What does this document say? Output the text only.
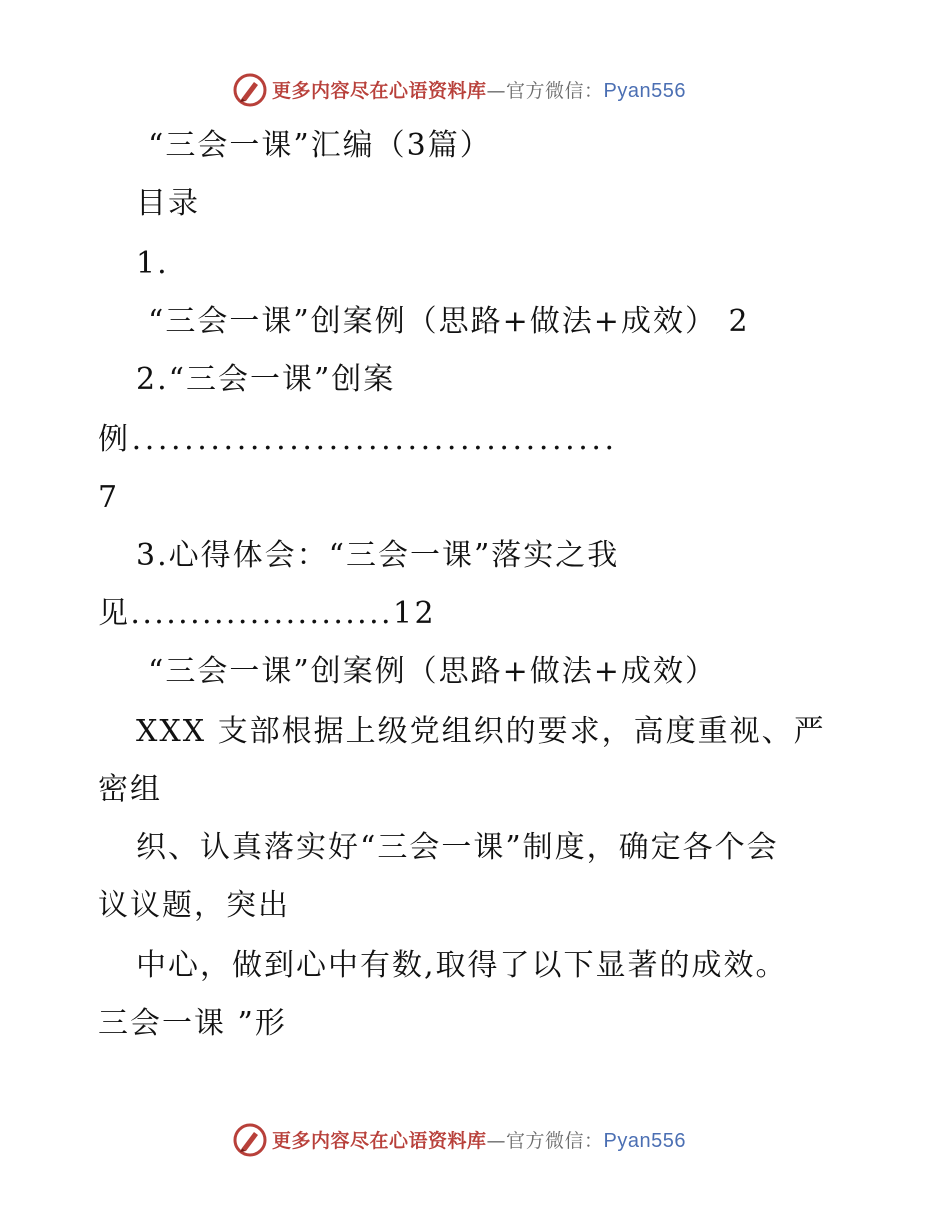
更多内容尽在心语资料库—官方微信：Pyan556
“三会一课”汇编（3篇）
目录
1.
“三会一课”创案例（思路+做法+成效） 2
2.“三会一课”创案
例.....................................
7
3.心得体会：“三会一课”落实之我
见......................12
“三会一课”创案例（思路+做法+成效）
XXX 支部根据上级党组织的要求，高度重视、严
密组
织、认真落实好“三会一课”制度，确定各个会
议议题，突出
中心，做到心中有数,取得了以下显著的成效。
三会一课 ”形
更多内容尽在心语资料库—官方微信：Pyan556
